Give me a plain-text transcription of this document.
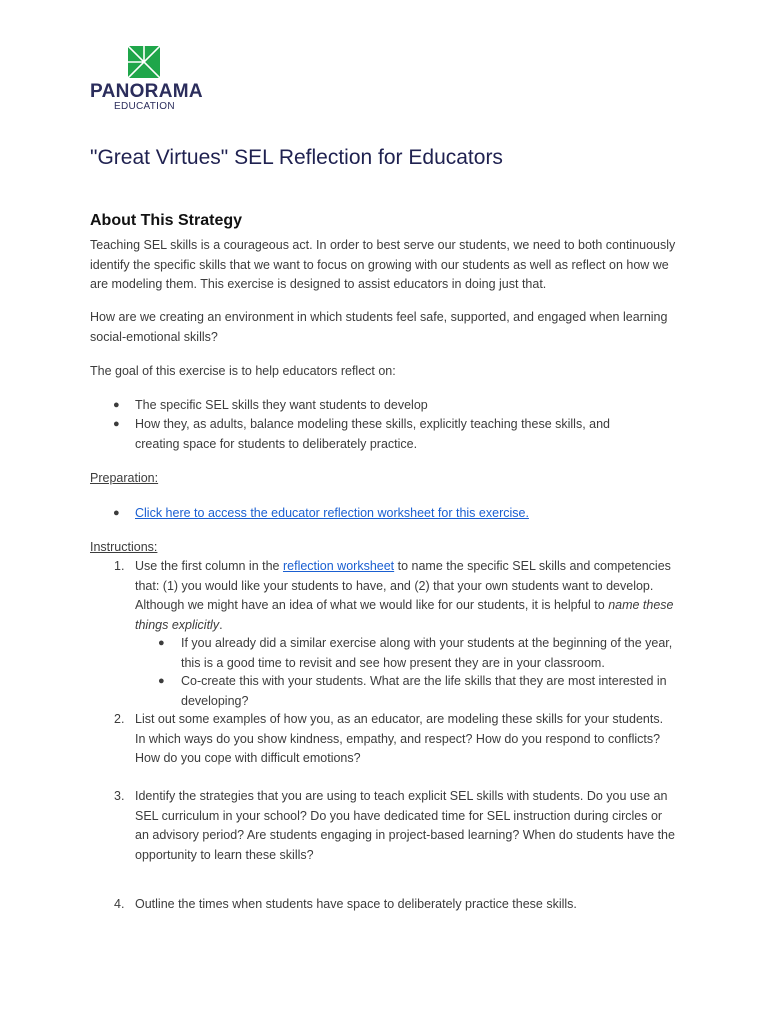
PANORAMA
EDUCATION
"Great Virtues" SEL Reflection for Educators
About This Strategy

Teaching SEL skills is a courageous act. In order to best serve our students, we need to both continuously identify the specific skills that we want to focus on growing with our students as well as reflect on how we are modeling them. This exercise is designed to assist educators in doing just that.

How are we creating an environment in which students feel safe, supported, and engaged when learning social-emotional skills?

The goal of this exercise is to help educators reflect on:

● The specific SEL skills they want students to develop
● How they, as adults, balance modeling these skills, explicitly teaching these skills, and creating space for students to deliberately practice.
Preparation:
● Click here to access the educator reflection worksheet for this exercise.
Instructions:
1. Use the first column in the reflection worksheet to name the specific SEL skills and competencies that: (1) you would like your students to have, and (2) that your own students want to develop. Although we might have an idea of what we would like for our students, it is helpful to name these things explicitly.
● If you already did a similar exercise along with your students at the beginning of the year, this is a good time to revisit and see how present they are in your classroom.
● Co-create this with your students. What are the life skills that they are most interested in developing?
2. List out some examples of how you, as an educator, are modeling these skills for your students. In which ways do you show kindness, empathy, and respect? How do you respond to conflicts? How do you cope with difficult emotions?
3. Identify the strategies that you are using to teach explicit SEL skills with students. Do you use an SEL curriculum in your school? Do you have dedicated time for SEL instruction during circles or an advisory period? Are students engaging in project-based learning? When do students have the opportunity to learn these skills?
4. Outline the times when students have space to deliberately practice these skills.
